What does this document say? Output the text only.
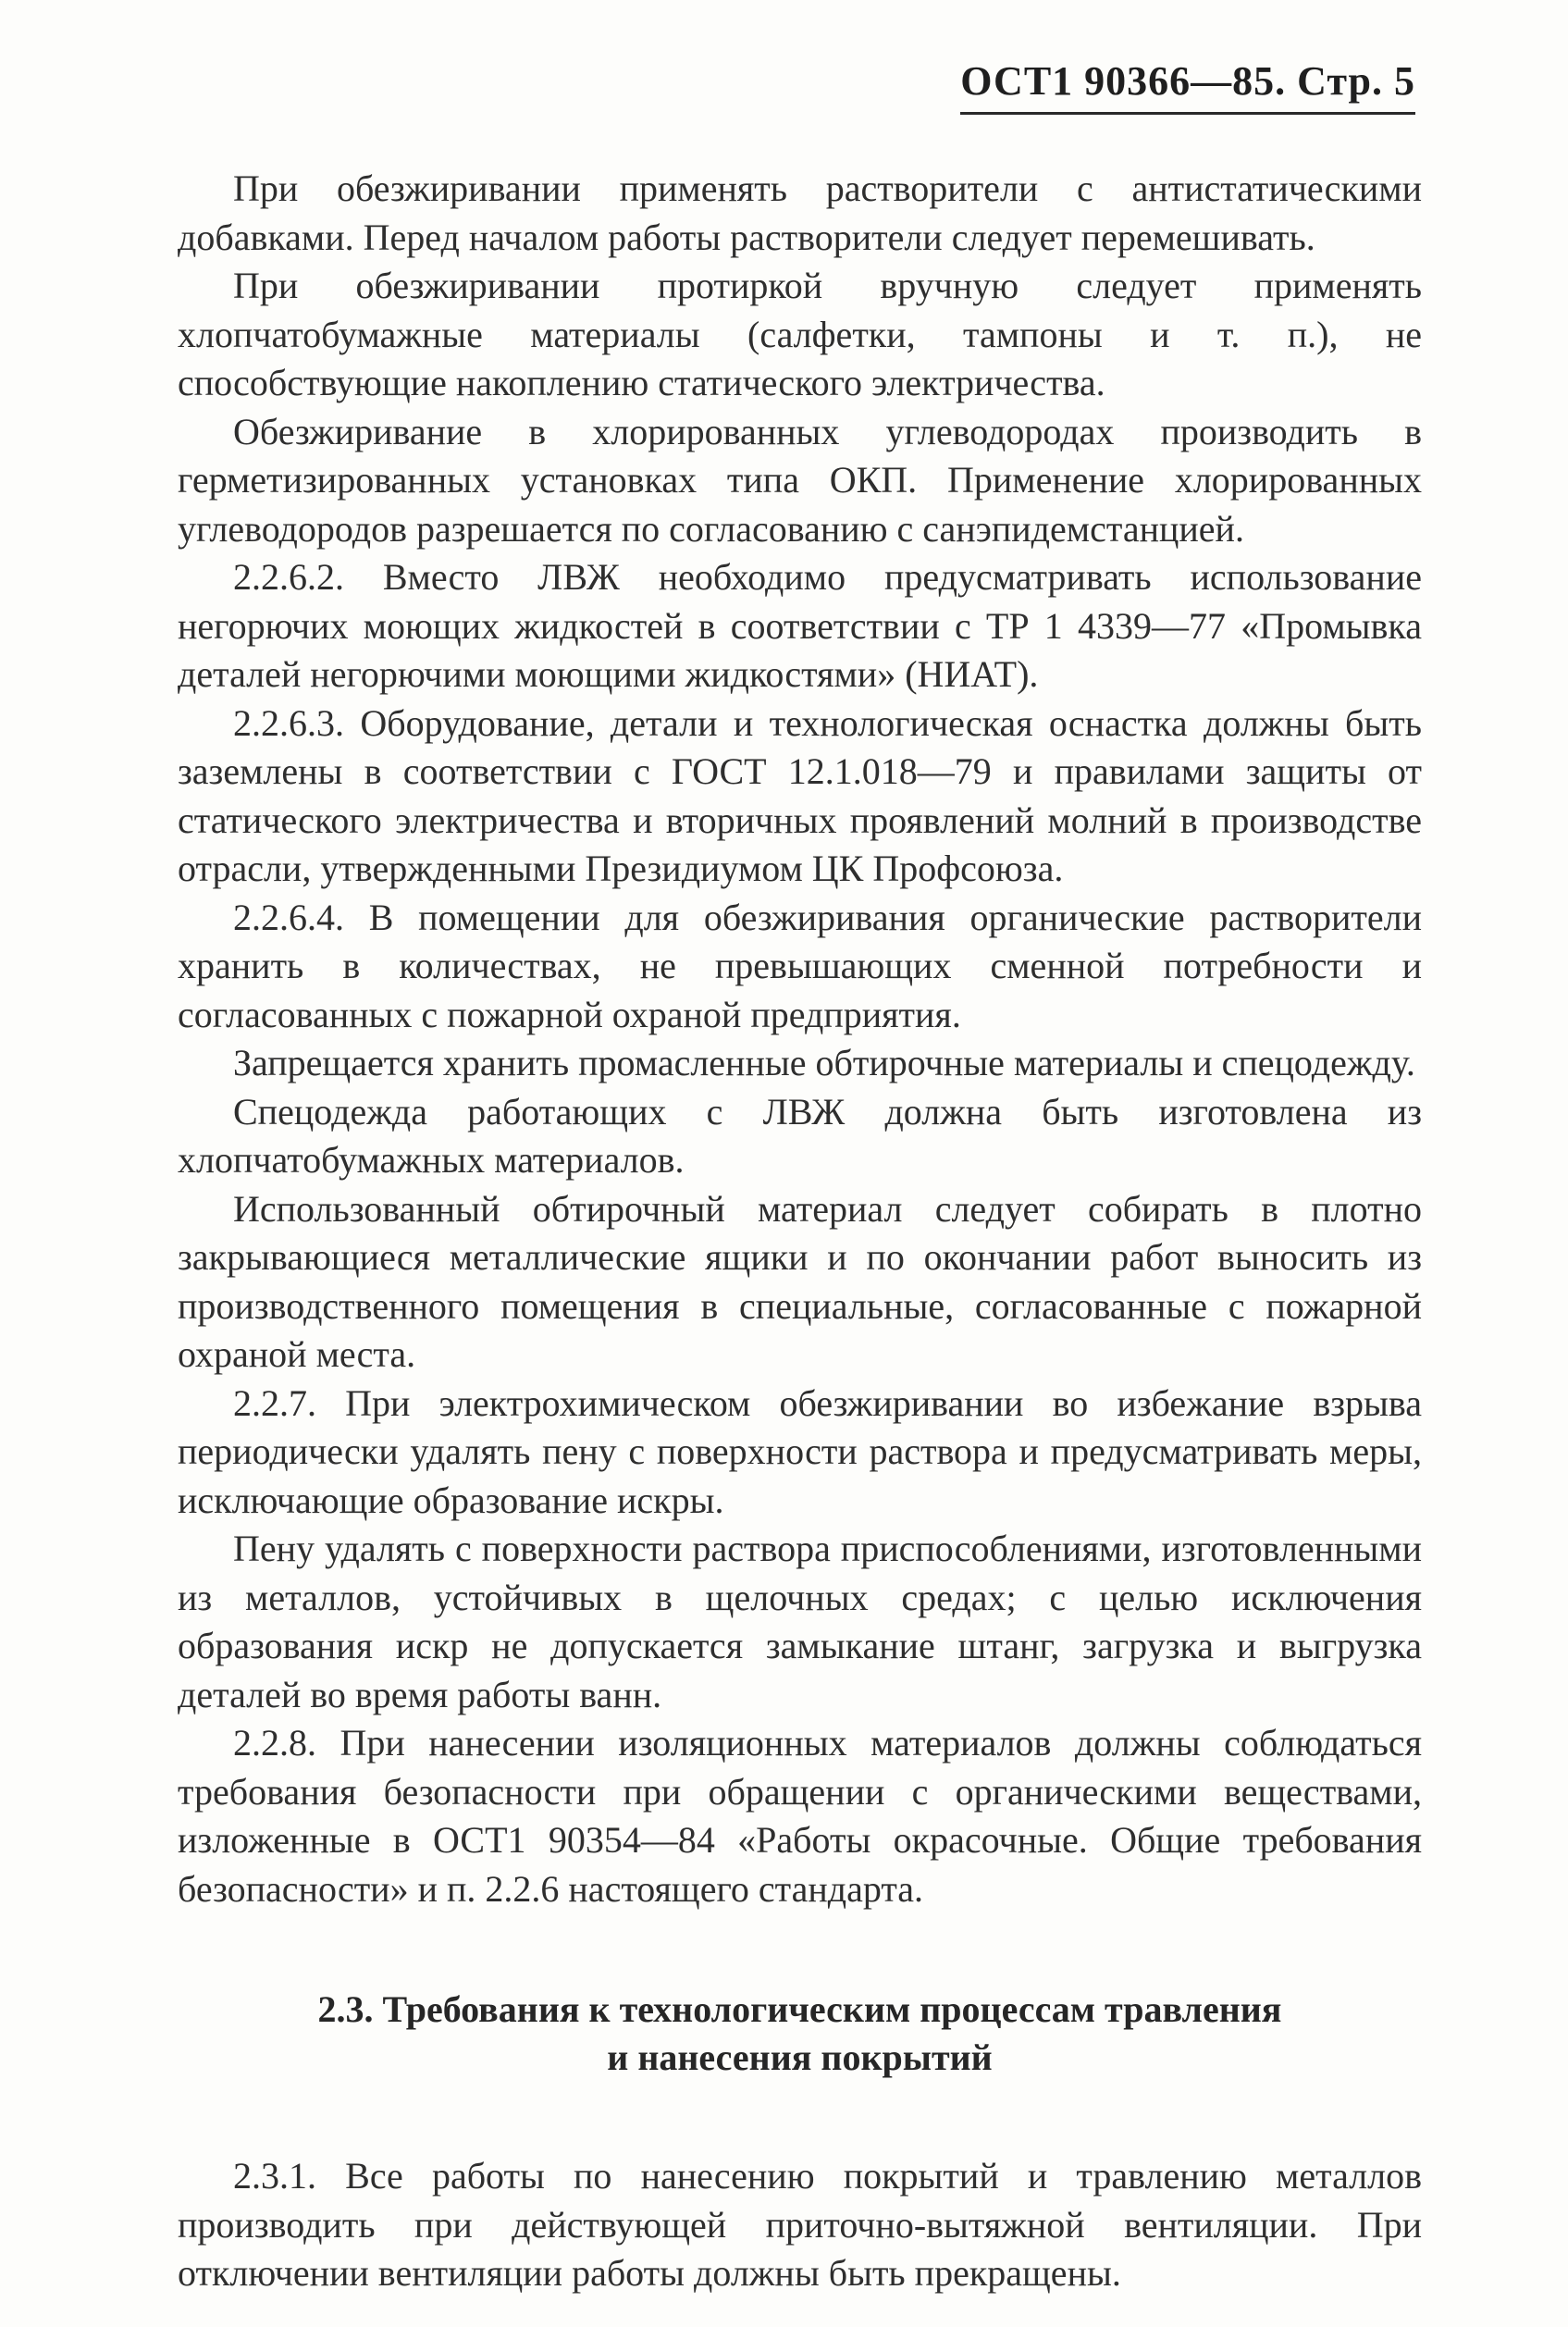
ОСТ1 90366—85. Стр. 5

При обезжиривании применять растворители с антистатическими добавками. Перед началом работы растворители следует перемешивать.

При обезжиривании протиркой вручную следует применять хлопчатобумажные материалы (салфетки, тампоны и т. п.), не способствующие накоплению статического электричества.

Обезжиривание в хлорированных углеводородах производить в герметизированных установках типа ОКП. Применение хлорированных углеводородов разрешается по согласованию с санэпидемстанцией.

2.2.6.2. Вместо ЛВЖ необходимо предусматривать использование негорючих моющих жидкостей в соответствии с ТР 1 4339—77 «Промывка деталей негорючими моющими жидкостями» (НИАТ).

2.2.6.3. Оборудование, детали и технологическая оснастка должны быть заземлены в соответствии с ГОСТ 12.1.018—79 и правилами защиты от статического электричества и вторичных проявлений молний в производстве отрасли, утвержденными Президиумом ЦК Профсоюза.

2.2.6.4. В помещении для обезжиривания органические растворители хранить в количествах, не превышающих сменной потребности и согласованных с пожарной охраной предприятия.

Запрещается хранить промасленные обтирочные материалы и спецодежду.

Спецодежда работающих с ЛВЖ должна быть изготовлена из хлопчатобумажных материалов.

Использованный обтирочный материал следует собирать в плотно закрывающиеся металлические ящики и по окончании работ выносить из производственного помещения в специальные, согласованные с пожарной охраной места.

2.2.7. При электрохимическом обезжиривании во избежание взрыва периодически удалять пену с поверхности раствора и предусматривать меры, исключающие образование искры.

Пену удалять с поверхности раствора приспособлениями, изготовленными из металлов, устойчивых в щелочных средах; с целью исключения образования искр не допускается замыкание штанг, загрузка и выгрузка деталей во время работы ванн.

2.2.8. При нанесении изоляционных материалов должны соблюдаться требования безопасности при обращении с органическими веществами, изложенные в ОСТ1 90354—84 «Работы окрасочные. Общие требования безопасности» и п. 2.2.6 настоящего стандарта.

2.3. Требования к технологическим процессам травления
и нанесения покрытий

2.3.1. Все работы по нанесению покрытий и травлению металлов производить при действующей приточно-вытяжной вентиляции. При отключении вентиляции работы должны быть прекращены.
